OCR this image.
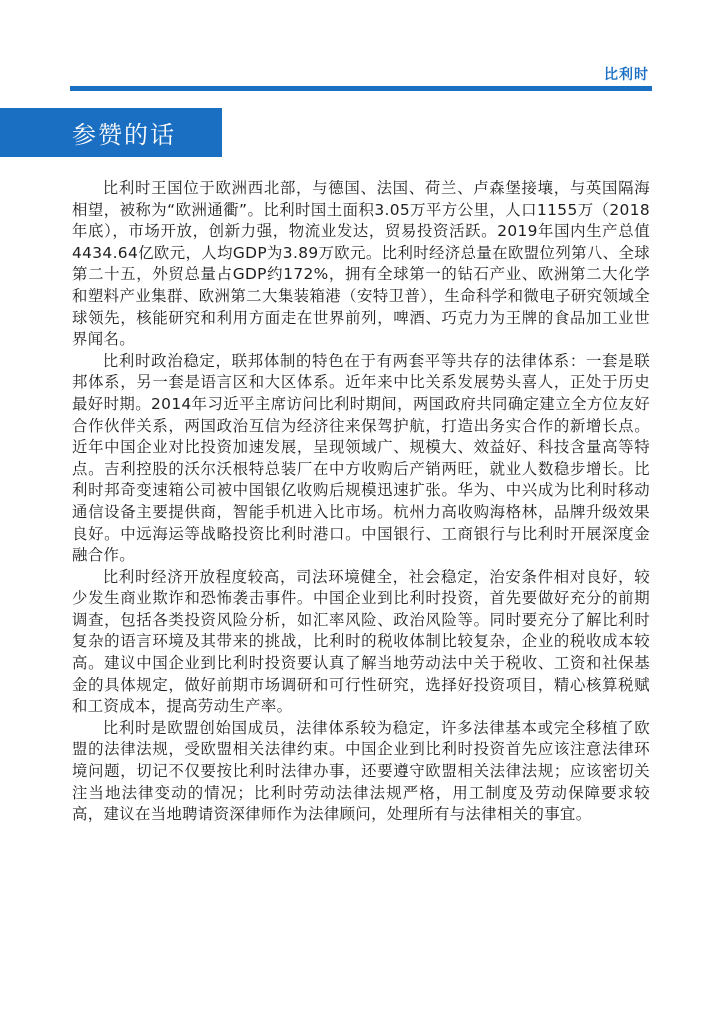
比利时
参赞的话

比利时王国位于欧洲西北部，与德国、法国、荷兰、卢森堡接壤，与英国隔海相望，被称为“欧洲通衢”。比利时国土面积3.05万平方公里，人口1155万（2018年底），市场开放，创新力强，物流业发达，贸易投资活跃。2019年国内生产总值4434.64亿欧元，人均GDP为3.89万欧元。比利时经济总量在欧盟位列第八、全球第二十五，外贸总量占GDP约172%，拥有全球第一的钻石产业、欧洲第二大化学和塑料产业集群、欧洲第二大集装箱港（安特卫普），生命科学和微电子研究领域全球领先，核能研究和利用方面走在世界前列，啤酒、巧克力为王牌的食品加工业世界闻名。

比利时政治稳定，联邦体制的特色在于有两套平等共存的法律体系：一套是联邦体系，另一套是语言区和大区体系。近年来中比关系发展势头喜人，正处于历史最好时期。2014年习近平主席访问比利时期间，两国政府共同确定建立全方位友好合作伙伴关系，两国政治互信为经济往来保驾护航，打造出务实合作的新增长点。近年中国企业对比投资加速发展，呈现领域广、规模大、效益好、科技含量高等特点。吉利控股的沃尔沃根特总装厂在中方收购后产销两旺，就业人数稳步增长。比利时邦奇变速箱公司被中国银亿收购后规模迅速扩张。华为、中兴成为比利时移动通信设备主要提供商，智能手机进入比市场。杭州力高收购海格林，品牌升级效果良好。中远海运等战略投资比利时港口。中国银行、工商银行与比利时开展深度金融合作。

比利时经济开放程度较高，司法环境健全，社会稳定，治安条件相对良好，较少发生商业欺诈和恐怖袭击事件。中国企业到比利时投资，首先要做好充分的前期调查，包括各类投资风险分析，如汇率风险、政治风险等。同时要充分了解比利时复杂的语言环境及其带来的挑战，比利时的税收体制比较复杂，企业的税收成本较高。建议中国企业到比利时投资要认真了解当地劳动法中关于税收、工资和社保基金的具体规定，做好前期市场调研和可行性研究，选择好投资项目，精心核算税赋和工资成本，提高劳动生产率。

比利时是欧盟创始国成员，法律体系较为稳定，许多法律基本或完全移植了欧盟的法律法规，受欧盟相关法律约束。中国企业到比利时投资首先应该注意法律环境问题，切记不仅要按比利时法律办事，还要遵守欧盟相关法律法规；应该密切关注当地法律变动的情况；比利时劳动法律法规严格，用工制度及劳动保障要求较高，建议在当地聘请资深律师作为法律顾问，处理所有与法律相关的事宜。
